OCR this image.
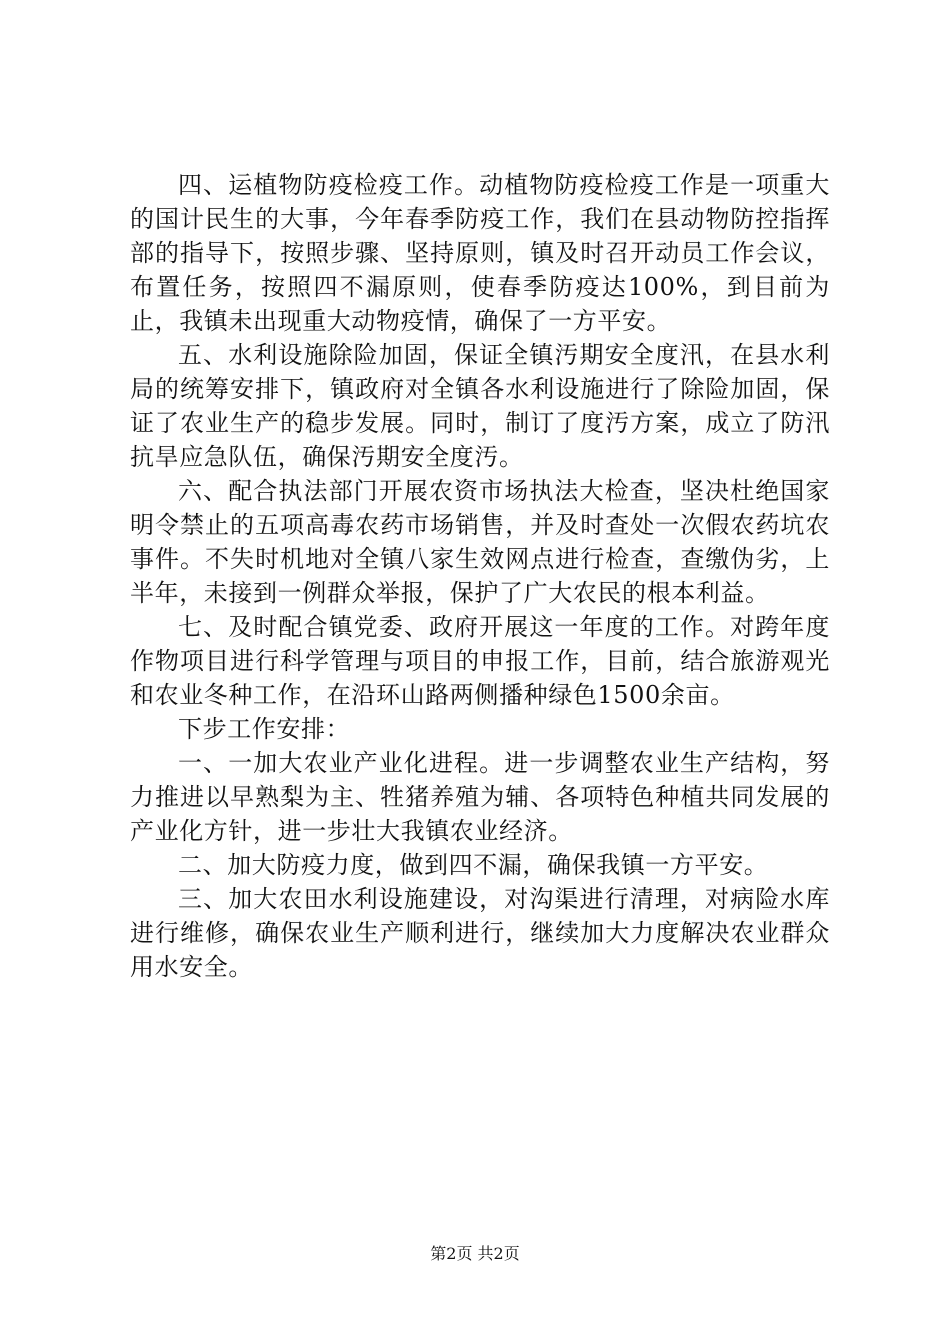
四、运植物防疫检疫工作。动植物防疫检疫工作是一项重大的国计民生的大事，今年春季防疫工作，我们在县动物防控指挥部的指导下，按照步骤、坚持原则，镇及时召开动员工作会议，布置任务，按照四不漏原则，使春季防疫达100%，到目前为止，我镇未出现重大动物疫情，确保了一方平安。

五、水利设施除险加固，保证全镇汚期安全度汛，在县水利局的统筹安排下，镇政府对全镇各水利设施进行了除险加固，保证了农业生产的稳步发展。同时，制订了度汚方案，成立了防汛抗旱应急队伍，确保汚期安全度汚。

六、配合执法部门开展农资市场执法大检查，坚决杜绝国家明令禁止的五项高毒农药市场销售，并及时查处一次假农药坑农事件。不失时机地对全镇八家生效网点进行检查，查缴伪劣，上半年，未接到一例群众举报，保护了广大农民的根本利益。

七、及时配合镇党委、政府开展这一年度的工作。对跨年度作物项目进行科学管理与项目的申报工作，目前，结合旅游观光和农业冬种工作，在沿环山路两侧播种绿色1500余亩。

下步工作安排：

一、一加大农业产业化进程。进一步调整农业生产结构，努力推进以早熟梨为主、牲猪养殖为辅、各项特色种植共同发展的产业化方针，进一步壮大我镇农业经济。

二、加大防疫力度，做到四不漏，确保我镇一方平安。

三、加大农田水利设施建设，对沟渠进行清理，对病险水库进行维修，确保农业生产顺利进行，继续加大力度解决农业群众用水安全。

第2页 共2页
